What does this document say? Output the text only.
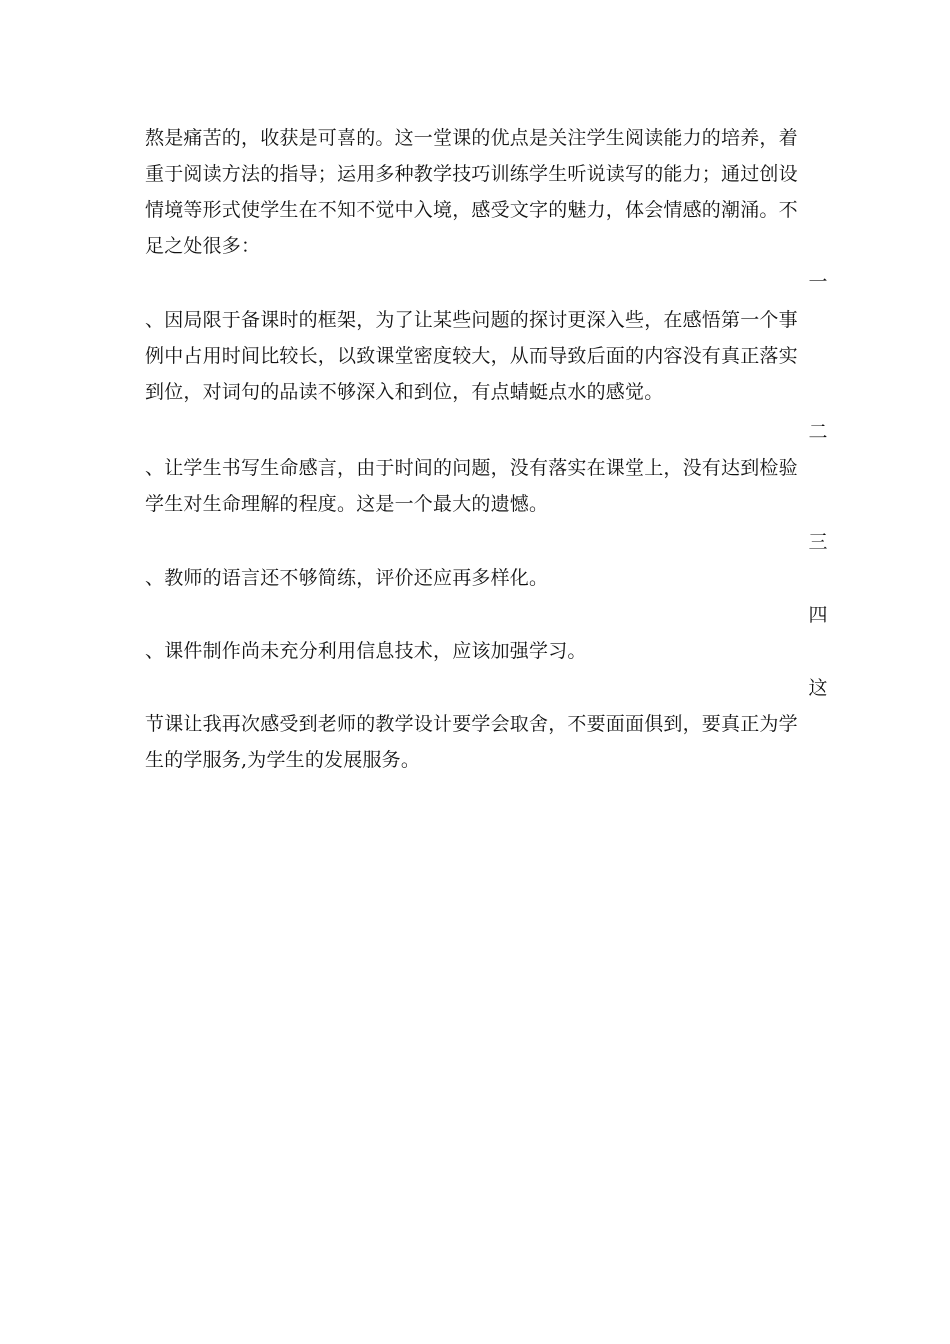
熬是痛苦的，收获是可喜的。这一堂课的优点是关注学生阅读能力的培养，着
重于阅读方法的指导；运用多种教学技巧训练学生听说读写的能力；通过创设
情境等形式使学生在不知不觉中入境，感受文字的魅力，体会情感的潮涌。不
足之处很多：
一
、因局限于备课时的框架，为了让某些问题的探讨更深入些，在感悟第一个事
例中占用时间比较长，以致课堂密度较大，从而导致后面的内容没有真正落实
到位，对词句的品读不够深入和到位，有点蜻蜓点水的感觉。
二
、让学生书写生命感言，由于时间的问题，没有落实在课堂上，没有达到检验
学生对生命理解的程度。这是一个最大的遗憾。
三
、教师的语言还不够简练，评价还应再多样化。
四
、课件制作尚未充分利用信息技术，应该加强学习。
这
节课让我再次感受到老师的教学设计要学会取舍，不要面面俱到，要真正为学
生的学服务,为学生的发展服务。
